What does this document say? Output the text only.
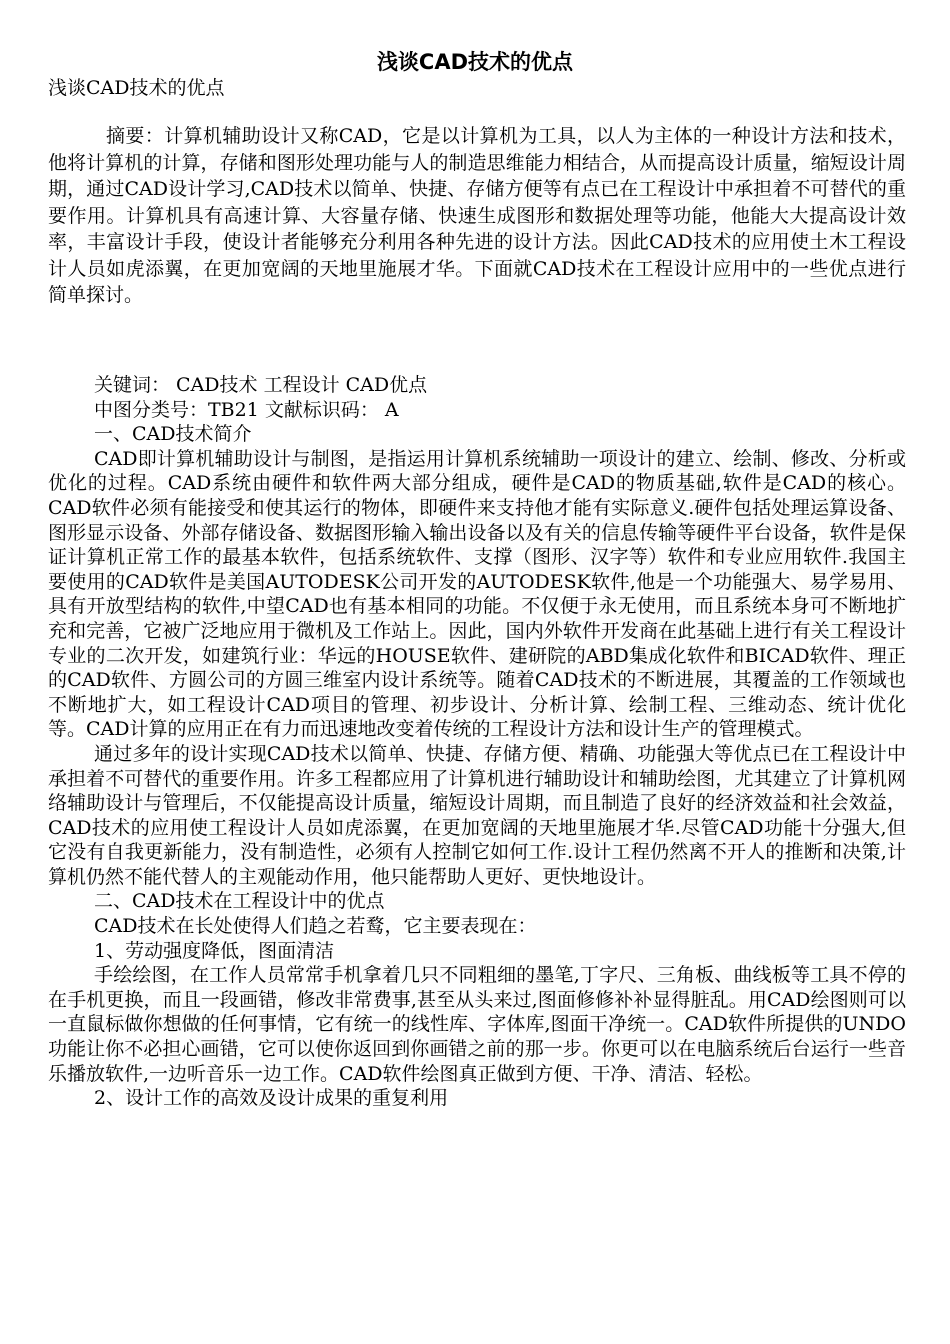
浅谈CAD技术的优点

浅谈CAD技术的优点

摘要：计算机辅助设计又称CAD，它是以计算机为工具，以人为主体的一种设计方法和技术，他将计算机的计算，存储和图形处理功能与人的制造思维能力相结合，从而提高设计质量，缩短设计周期，通过CAD设计学习,CAD技术以简单、快捷、存储方便等有点已在工程设计中承担着不可替代的重要作用。计算机具有高速计算、大容量存储、快速生成图形和数据处理等功能，他能大大提高设计效率，丰富设计手段，使设计者能够充分利用各种先进的设计方法。因此CAD技术的应用使土木工程设计人员如虎添翼，在更加宽阔的天地里施展才华。下面就CAD技术在工程设计应用中的一些优点进行简单探讨。

关键词： CAD技术 工程设计 CAD优点

中图分类号：TB21 文献标识码： A

一、CAD技术简介

CAD即计算机辅助设计与制图，是指运用计算机系统辅助一项设计的建立、绘制、修改、分析或优化的过程。CAD系统由硬件和软件两大部分组成，硬件是CAD的物质基础,软件是CAD的核心。CAD软件必须有能接受和使其运行的物体，即硬件来支持他才能有实际意义.硬件包括处理运算设备、图形显示设备、外部存储设备、数据图形输入输出设备以及有关的信息传输等硬件平台设备，软件是保证计算机正常工作的最基本软件，包括系统软件、支撑（图形、汉字等）软件和专业应用软件.我国主要使用的CAD软件是美国AUTODESK公司开发的AUTODESK软件,他是一个功能强大、易学易用、具有开放型结构的软件,中望CAD也有基本相同的功能。不仅便于永无使用，而且系统本身可不断地扩充和完善，它被广泛地应用于微机及工作站上。因此，国内外软件开发商在此基础上进行有关工程设计专业的二次开发，如建筑行业：华远的HOUSE软件、建研院的ABD集成化软件和BICAD软件、理正的CAD软件、方圆公司的方圆三维室内设计系统等。随着CAD技术的不断进展，其覆盖的工作领域也不断地扩大，如工程设计CAD项目的管理、初步设计、分析计算、绘制工程、三维动态、统计优化等。CAD计算的应用正在有力而迅速地改变着传统的工程设计方法和设计生产的管理模式。

通过多年的设计实现CAD技术以简单、快捷、存储方便、精确、功能强大等优点已在工程设计中承担着不可替代的重要作用。许多工程都应用了计算机进行辅助设计和辅助绘图，尤其建立了计算机网络辅助设计与管理后，不仅能提高设计质量，缩短设计周期，而且制造了良好的经济效益和社会效益，CAD技术的应用使工程设计人员如虎添翼，在更加宽阔的天地里施展才华.尽管CAD功能十分强大,但它没有自我更新能力，没有制造性，必须有人控制它如何工作.设计工程仍然离不开人的推断和决策,计算机仍然不能代替人的主观能动作用，他只能帮助人更好、更快地设计。

二、CAD技术在工程设计中的优点

CAD技术在长处使得人们趋之若鹜，它主要表现在：

1、劳动强度降低，图面清洁

手绘绘图，在工作人员常常手机拿着几只不同粗细的墨笔,丁字尺、三角板、曲线板等工具不停的在手机更换，而且一段画错，修改非常费事,甚至从头来过,图面修修补补显得脏乱。用CAD绘图则可以一直鼠标做你想做的任何事情，它有统一的线性库、字体库,图面干净统一。CAD软件所提供的UNDO功能让你不必担心画错，它可以使你返回到你画错之前的那一步。你更可以在电脑系统后台运行一些音乐播放软件,一边听音乐一边工作。CAD软件绘图真正做到方便、干净、清洁、轻松。

2、设计工作的高效及设计成果的重复利用
